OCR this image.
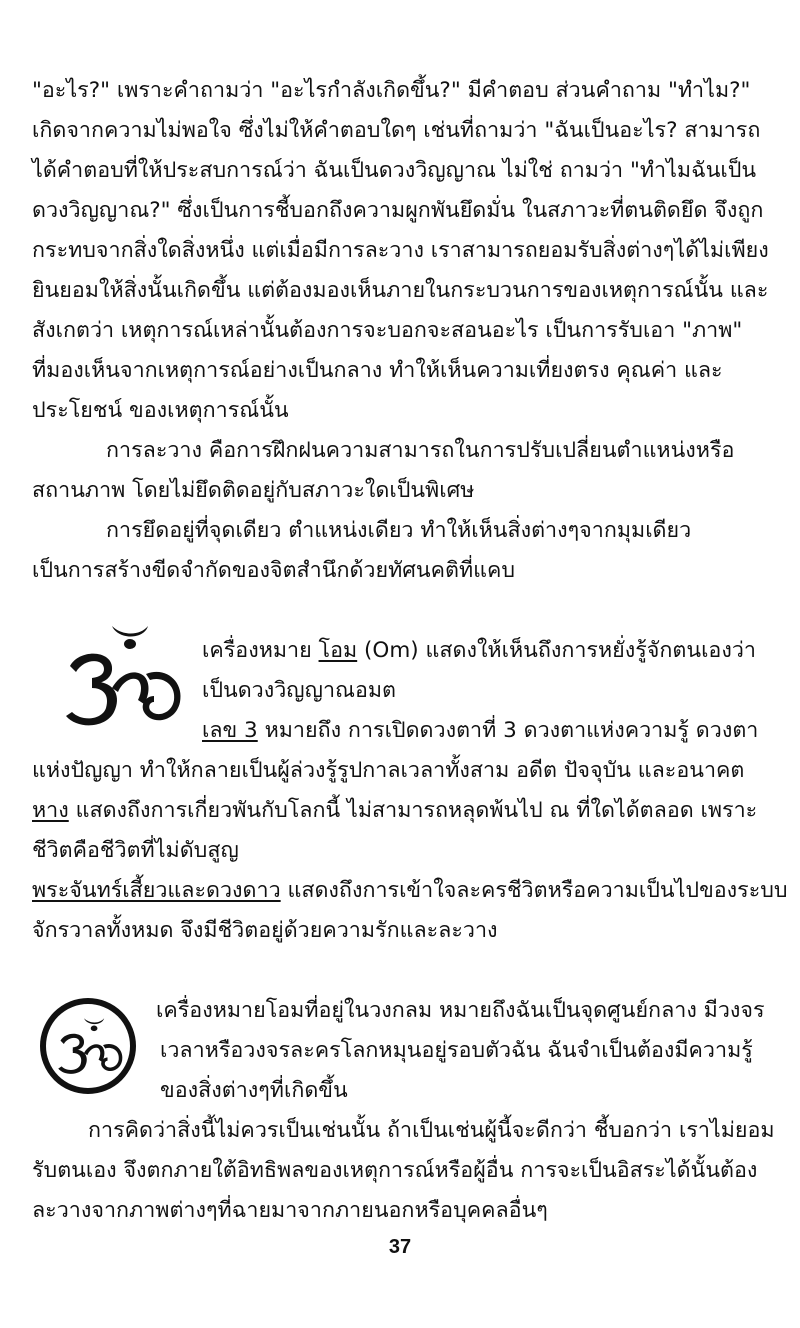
"อะไร?" เพราะคำถามว่า "อะไรกำลังเกิดขึ้น?" มีคำตอบ ส่วนคำถาม "ทำไม?"
เกิดจากความไม่พอใจ ซึ่งไม่ให้คำตอบใดๆ เช่นที่ถามว่า "ฉันเป็นอะไร? สามารถ
ได้คำตอบที่ให้ประสบการณ์ว่า ฉันเป็นดวงวิญญาณ ไม่ใช่ ถามว่า "ทำไมฉันเป็น
ดวงวิญญาณ?" ซึ่งเป็นการชี้บอกถึงความผูกพันยึดมั่น ในสภาวะที่ตนติดยึด จึงถูก
กระทบจากสิ่งใดสิ่งหนึ่ง แต่เมื่อมีการละวาง เราสามารถยอมรับสิ่งต่างๆได้ไม่เพียง
ยินยอมให้สิ่งนั้นเกิดขึ้น แต่ต้องมองเห็นภายในกระบวนการของเหตุการณ์นั้น และ
สังเกตว่า เหตุการณ์เหล่านั้นต้องการจะบอกจะสอนอะไร เป็นการรับเอา "ภาพ"
ที่มองเห็นจากเหตุการณ์อย่างเป็นกลาง ทำให้เห็นความเที่ยงตรง คุณค่า และ
ประโยชน์ ของเหตุการณ์นั้น
การละวาง คือการฝึกฝนความสามารถในการปรับเปลี่ยนตำแหน่งหรือ
สถานภาพ โดยไม่ยึดติดอยู่กับสภาวะใดเป็นพิเศษ
การยึดอยู่ที่จุดเดียว ตำแหน่งเดียว ทำให้เห็นสิ่งต่างๆจากมุมเดียว
เป็นการสร้างขีดจำกัดของจิตสำนึกด้วยทัศนคติที่แคบ
เครื่องหมาย โอม (Om) แสดงให้เห็นถึงการหยั่งรู้จักตนเองว่า
เป็นดวงวิญญาณอมต
เลข 3 หมายถึง การเปิดดวงตาที่ 3 ดวงตาแห่งความรู้ ดวงตา
แห่งปัญญา ทำให้กลายเป็นผู้ล่วงรู้รูปกาลเวลาทั้งสาม อดีต ปัจจุบัน และอนาคต
หาง แสดงถึงการเกี่ยวพันกับโลกนี้ ไม่สามารถหลุดพ้นไป ณ ที่ใดได้ตลอด เพราะ
ชีวิตคือชีวิตที่ไม่ดับสูญ
พระจันทร์เสี้ยวและดวงดาว แสดงถึงการเข้าใจละครชีวิตหรือความเป็นไปของระบบ
จักรวาลทั้งหมด จึงมีชีวิตอยู่ด้วยความรักและละวาง
เครื่องหมายโอมที่อยู่ในวงกลม หมายถึงฉันเป็นจุดศูนย์กลาง มีวงจร
เวลาหรือวงจรละครโลกหมุนอยู่รอบตัวฉัน ฉันจำเป็นต้องมีความรู้
ของสิ่งต่างๆที่เกิดขึ้น
การคิดว่าสิ่งนี้ไม่ควรเป็นเช่นนั้น ถ้าเป็นเช่นผู้นี้จะดีกว่า ชี้บอกว่า เราไม่ยอม
รับตนเอง จึงตกภายใต้อิทธิพลของเหตุการณ์หรือผู้อื่น การจะเป็นอิสระได้นั้นต้อง
ละวางจากภาพต่างๆที่ฉายมาจากภายนอกหรือบุคคลอื่นๆ
37
